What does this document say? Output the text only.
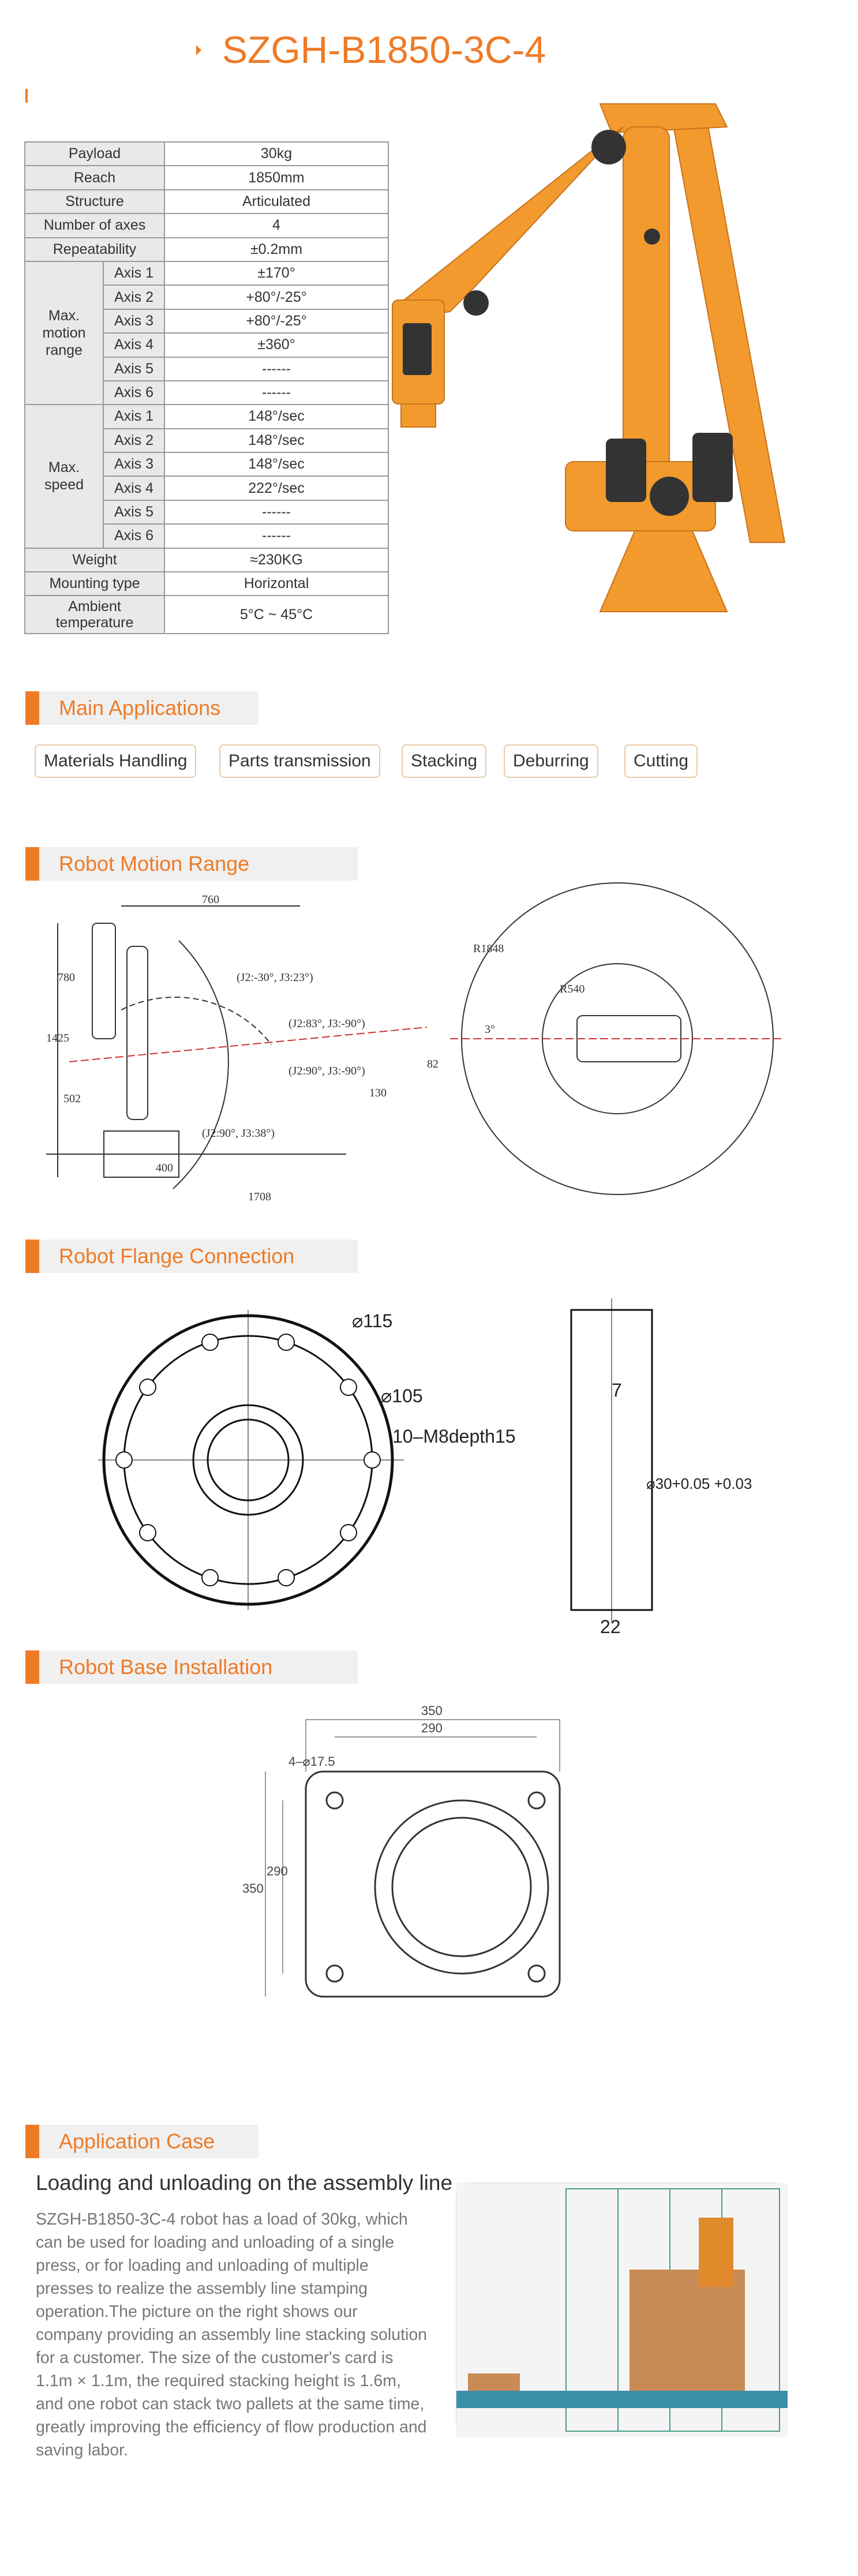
SZGH-B1850-3C-4
Payload		30kg
Reach		1850mm
Structure		Articulated
Number of axes		4
Repeatability		±0.2mm
Max. motion range	Axis 1	±170°
	Axis 2	+80°/-25°
	Axis 3	+80°/-25°
	Axis 4	±360°
	Axis 5	------
	Axis 6	------
Max. speed	Axis 1	148°/sec
	Axis 2	148°/sec
	Axis 3	148°/sec
	Axis 4	222°/sec
	Axis 5	------
	Axis 6	------
Weight		≈230KG
Mounting type		Horizontal
Ambient temperature		5°C ~ 45°C
Main Applications
Materials Handling	Parts transmission	Stacking	Deburring	Cutting
Robot Motion Range
760
780
1425
502
400
1708
130
82
(J2:-30°, J3:23°)
(J2:83°, J3:-90°)
(J2:90°, J3:-90°)
(J2:90°, J3:38°)
R1848
R540
3°
Robot Flange Connection
⌀115
⌀105
10–M8depth15
7
⌀30+0.05 +0.03
22
Robot Base Installation
350
290
4–⌀17.5
350
290
Application Case
Loading and unloading on the assembly line
SZGH-B1850-3C-4 robot has a load of 30kg, which can be used for loading and unloading of a single press, or for loading and unloading of multiple presses to realize the assembly line stamping operation.The picture on the right shows our company providing an assembly line stacking solution for a customer. The size of the customer's card is 1.1m × 1.1m, the required stacking height is 1.6m, and one robot can stack two pallets at the same time, greatly improving the efficiency of flow production and saving labor.
